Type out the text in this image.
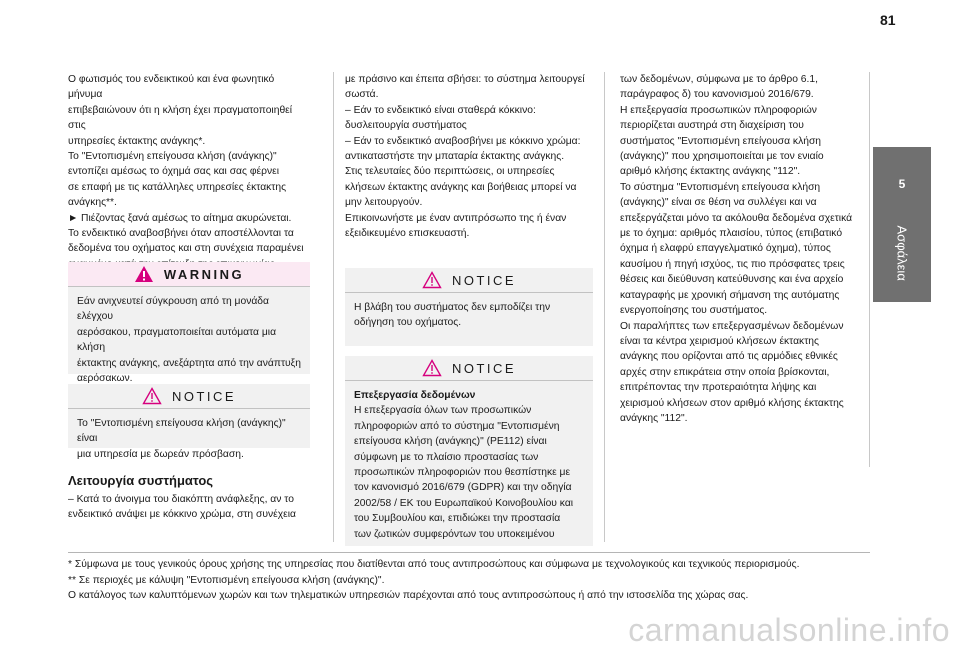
81

Ο φωτισμός του ενδεικτικού και ένα φωνητικό μήνυμα
επιβεβαιώνουν ότι η κλήση έχει πραγματοποιηθεί στις
υπηρεσίες έκτακτης ανάγκης*.
Το "Εντοπισμένη επείγουσα κλήση (ανάγκης)"
εντοπίζει αμέσως το όχημά σας και σας φέρνει
σε επαφή με τις κατάλληλες υπηρεσίες έκτακτης
ανάγκης**.
► Πιέζοντας ξανά αμέσως το αίτημα ακυρώνεται.
Το ενδεικτικό αναβοσβήνει όταν αποστέλλονται τα
δεδομένα του οχήματος και στη συνέχεια παραμένει

WARNING
Εάν ανιχνευτεί σύγκρουση από τη μονάδα ελέγχου
αερόσακου, πραγματοποιείται αυτόματα μια κλήση
έκτακτης ανάγκης, ανεξάρτητα από την ανάπτυξη
αερόσακων.
NOTICE
Το "Εντοπισμένη επείγουσα κλήση (ανάγκης)" είναι
μια υπηρεσία με δωρεάν πρόσβαση.
Λειτουργία συστήματος

– Κατά το άνοιγμα του διακόπτη ανάφλεξης, αν το
ενδεικτικό ανάψει με κόκκινο χρώμα, στη συνέχεια

με πράσινο και έπειτα σβήσει: το σύστημα λειτουργεί
σωστά.
– Εάν το ενδεικτικό είναι σταθερά κόκκινο:
δυσλειτουργία συστήματος
– Εάν το ενδεικτικό αναβοσβήνει με κόκκινο χρώμα:
αντικαταστήστε την μπαταρία έκτακτης ανάγκης.
Στις τελευταίες δύο περιπτώσεις, οι υπηρεσίες
κλήσεων έκτακτης ανάγκης και βοήθειας μπορεί να
μην λειτουργούν.
Επικοινωνήστε με έναν αντιπρόσωπο της ή έναν
εξειδικευμένο επισκευαστή.

NOTICE
Η βλάβη του συστήματος δεν εμποδίζει την
οδήγηση του οχήματος.
NOTICE
Επεξεργασία δεδομένων
Η επεξεργασία όλων των προσωπικών
πληροφοριών από το σύστημα "Εντοπισμένη
επείγουσα κλήση (ανάγκης)" (PE112) είναι
σύμφωνη με το πλαίσιο προστασίας των
προσωπικών πληροφοριών που θεσπίστηκε με
τον κανονισμό 2016/679 (GDPR) και την οδηγία
2002/58 / ΕΚ του Ευρωπαϊκού Κοινοβουλίου και
του Συμβουλίου και, επιδιώκει την προστασία
των ζωτικών συμφερόντων του υποκειμένου

των δεδομένων, σύμφωνα με το άρθρο 6.1,
παράγραφος δ) του κανονισμού 2016/679.
Η επεξεργασία προσωπικών πληροφοριών
περιορίζεται αυστηρά στη διαχείριση του
συστήματος "Εντοπισμένη επείγουσα κλήση
(ανάγκης)" που χρησιμοποιείται με τον ενιαίο
αριθμό κλήσης έκτακτης ανάγκης "112".
Το σύστημα "Εντοπισμένη επείγουσα κλήση
(ανάγκης)" είναι σε θέση να συλλέγει και να
επεξεργάζεται μόνο τα ακόλουθα δεδομένα σχετικά
με το όχημα: αριθμός πλαισίου, τύπος (επιβατικό
όχημα ή ελαφρύ επαγγελματικό όχημα), τύπος
καυσίμου ή πηγή ισχύος, τις πιο πρόσφατες τρεις
θέσεις και διεύθυνση κατεύθυνσης και ένα αρχείο
καταγραφής με χρονική σήμανση της αυτόματης
ενεργοποίησης του συστήματος.
Οι παραλήπτες των επεξεργασμένων δεδομένων
είναι τα κέντρα χειρισμού κλήσεων έκτακτης
ανάγκης που ορίζονται από τις αρμόδιες εθνικές
αρχές στην επικράτεια στην οποία βρίσκονται,
επιτρέποντας την προτεραιότητα λήψης και
χειρισμού κλήσεων στον αριθμό κλήσης έκτακτης
ανάγκης "112".

* Σύμφωνα με τους γενικούς όρους χρήσης της υπηρεσίας που διατίθενται από τους αντιπροσώπους και σύμφωνα με τεχνολογικούς και τεχνικούς περιορισμούς.

** Σε περιοχές με κάλυψη "Εντοπισμένη επείγουσα κλήση (ανάγκης)".

Ο κατάλογος των καλυπτόμενων χωρών και των τηλεματικών υπηρεσιών παρέχονται από τους αντιπροσώπους ή από την ιστοσελίδα της χώρας σας.

5
Ασφάλεια
carmanualsonline.info
